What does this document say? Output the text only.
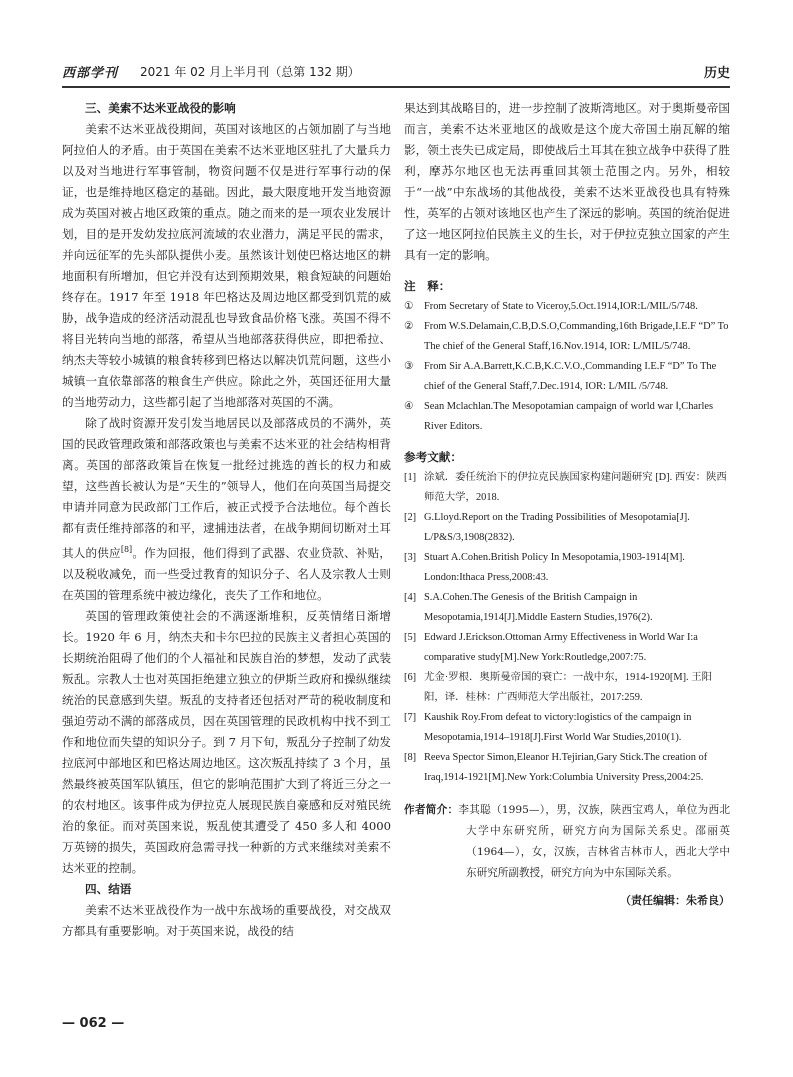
西部学刊 2021 年 02 月上半月刊（总第 132 期）	历史
三、美索不达米亚战役的影响

美索不达米亚战役期间，英国对该地区的占领加剧了与当地阿拉伯人的矛盾。由于英国在美索不达米亚地区驻扎了大量兵力以及对当地进行军事管制，物资问题不仅是进行军事行动的保证，也是维持地区稳定的基础。因此，最大限度地开发当地资源成为英国对被占地区政策的重点。随之而来的是一项农业发展计划，目的是开发幼发拉底河流域的农业潜力，满足平民的需求，并向远征军的先头部队提供小麦。虽然该计划使巴格达地区的耕地面积有所增加，但它并没有达到预期效果，粮食短缺的问题始终存在。1917 年至 1918 年巴格达及周边地区都受到饥荒的威胁，战争造成的经济活动混乱也导致食品价格飞涨。英国不得不将目光转向当地的部落，希望从当地部落获得供应，即把希拉、纳杰夫等较小城镇的粮食转移到巴格达以解决饥荒问题，这些小城镇一直依靠部落的粮食生产供应。除此之外，英国还征用大量的当地劳动力，这些都引起了当地部落对英国的不满。

除了战时资源开发引发当地居民以及部落成员的不满外，英国的民政管理政策和部落政策也与美索不达米亚的社会结构相背离。英国的部落政策旨在恢复一批经过挑选的酋长的权力和威望，这些酋长被认为是“天生的”领导人，他们在向英国当局提交申请并同意为民政部门工作后，被正式授予合法地位。每个酋长都有责任维持部落的和平，逮捕违法者，在战争期间切断对土耳其人的供应[8]。作为回报，他们得到了武器、农业贷款、补贴，以及税收减免，而一些受过教育的知识分子、名人及宗教人士则在英国的管理系统中被边缘化，丧失了工作和地位。

英国的管理政策使社会的不满逐渐堆积，反英情绪日渐增长。1920 年 6 月，纳杰夫和卡尔巴拉的民族主义者担心英国的长期统治阻碍了他们的个人福祉和民族自治的梦想，发动了武装叛乱。宗教人士也对英国拒绝建立独立的伊斯兰政府和操纵继续统治的民意感到失望。叛乱的支持者还包括对严苛的税收制度和强迫劳动不满的部落成员，因在英国管理的民政机构中找不到工作和地位而失望的知识分子。到 7 月下旬，叛乱分子控制了幼发拉底河中部地区和巴格达周边地区。这次叛乱持续了 3 个月，虽然最终被英国军队镇压，但它的影响范围扩大到了将近三分之一的农村地区。该事件成为伊拉克人展现民族自豪感和反对殖民统治的象征。而对英国来说，叛乱使其遭受了 450 多人和 4000 万英镑的损失，英国政府急需寻找一种新的方式来继续对美索不达米亚的控制。

四、结语

美索不达米亚战役作为一战中东战场的重要战役，对交战双方都具有重要影响。对于英国来说，战役的结

果达到其战略目的，进一步控制了波斯湾地区。对于奥斯曼帝国而言，美索不达米亚地区的战败是这个庞大帝国土崩瓦解的缩影，领土丧失已成定局，即使战后土耳其在独立战争中获得了胜利，摩苏尔地区也无法再重回其领土范围之内。另外，相较于“一战”中东战场的其他战役，美索不达米亚战役也具有特殊性，英军的占领对该地区也产生了深远的影响。英国的统治促进了这一地区阿拉伯民族主义的生长，对于伊拉克独立国家的产生具有一定的影响。

注　释：
① From Secretary of State to Viceroy,5.Oct.1914,IOR:L/MIL/5/748.
② From W.S.Delamain,C.B,D.S.O,Commanding,16th Brigade,I.E.F “D” To The chief of the General Staff,16.Nov.1914, IOR: L/MIL/5/748.
③ From Sir A.A.Barrett,K.C.B,K.C.V.O.,Commanding I.E.F “D” To The chief of the General Staff,7.Dec.1914, IOR: L/MIL /5/748.
④ Sean Mclachlan.The Mesopotamian campaign of world war Ⅰ,Charles River Editors.
参考文献：
[1] 涂斌．委任统治下的伊拉克民族国家构建问题研究 [D]. 西安：陕西师范大学，2018.
[2] G.Lloyd.Report on the Trading Possibilities of Mesopotamia[J]. L/P&S/3,1908(2832).
[3] Stuart A.Cohen.British Policy In Mesopotamia,1903-1914[M]. London:Ithaca Press,2008:43.
[4] S.A.Cohen.The Genesis of the British Campaign in Mesopotamia,1914[J].Middle Eastern Studies,1976(2).
[5] Edward J.Erickson.Ottoman Army Effectiveness in World War I:a comparative study[M].New York:Routledge,2007:75.
[6] 尤金·罗根．奥斯曼帝国的衰亡：一战中东，1914-1920[M]. 王阳阳，译．桂林：广西师范大学出版社，2017:259.
[7] Kaushik Roy.From defeat to victory:logistics of the campaign in Mesopotamia,1914–1918[J].First World War Studies,2010(1).
[8] Reeva Spector Simon,Eleanor H.Tejirian,Gary Stick.The creation of Iraq,1914-1921[M].New York:Columbia University Press,2004:25.
作者简介：李其聪（1995—），男，汉族，陕西宝鸡人，单位为西北大学中东研究所，研究方向为国际关系史。邵丽英（1964—），女，汉族，吉林省吉林市人，西北大学中东研究所副教授，研究方向为中东国际关系。
（责任编辑：朱希良）
— 062 —
